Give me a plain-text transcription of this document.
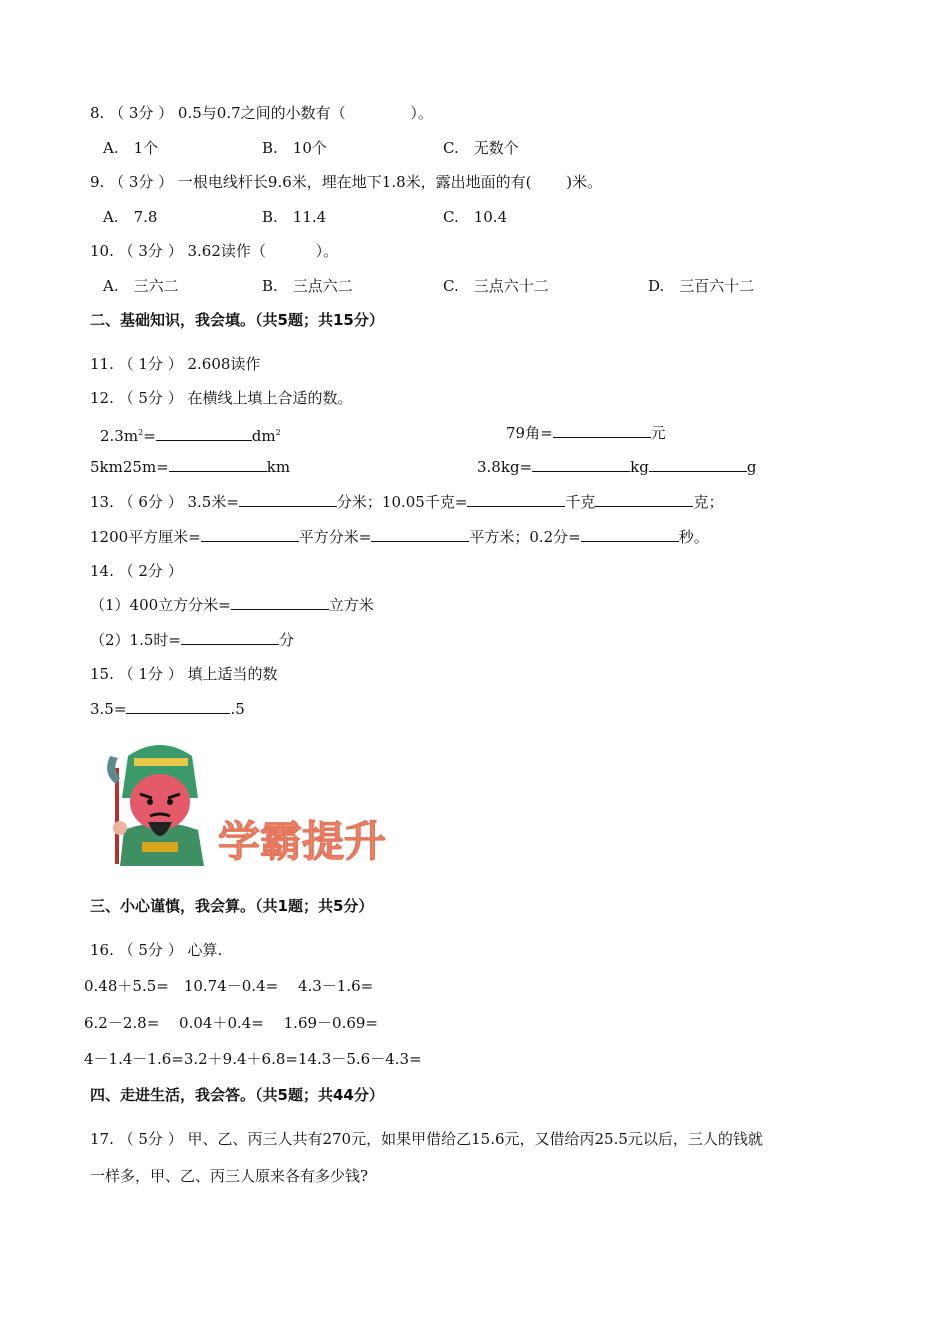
8. （ 3分 ） 0.5与0.7之间的小数有（　　　　 ）。
A.　1个	B.　10个	C.　无数个
9. （ 3分 ） 一根电线杆长9.6米，埋在地下1.8米，露出地面的有(　　 )米。
A.　7.8	B.　11.4	C.　10.4
10. （ 3分 ） 3.62读作（　　　 ）。
A.　三六二	B.　三点六二	C.　三点六十二	D.　三百六十二
二、基础知识，我会填。（共5题；共15分）
11. （ 1分 ） 2.608读作
12. （ 5分 ） 在横线上填上合适的数。
$2.3m^2=$	$dm^2$	79角=	元
5km25m=	km	3.8kg=	kg	g
13. （ 6分 ） 3.5米=	分米；10.05千克=	千克	克；
1200平方厘米=	平方分米=	平方米；0.2分=	秒。
14. （ 2分 ）
（1）400立方分米=	立方米
（2）1.5时=	分
15. （ 1分 ） 填上适当的数
3.5=	.5
学霸提升
三、小心谨慎，我会算。（共1题；共5分）
16. （ 5分 ） 心算.
0.48＋5.5=　10.74－0.4=　 4.3－1.6=
6.2－2.8=　 0.04＋0.4=　 1.69－0.69=
4－1.4－1.6=3.2＋9.4＋6.8=14.3－5.6－4.3=
四、走进生活，我会答。（共5题；共44分）
17. （ 5分 ） 甲、乙、丙三人共有270元，如果甲借给乙15.6元，又借给丙25.5元以后，三人的钱就
一样多，甲、乙、丙三人原来各有多少钱?
